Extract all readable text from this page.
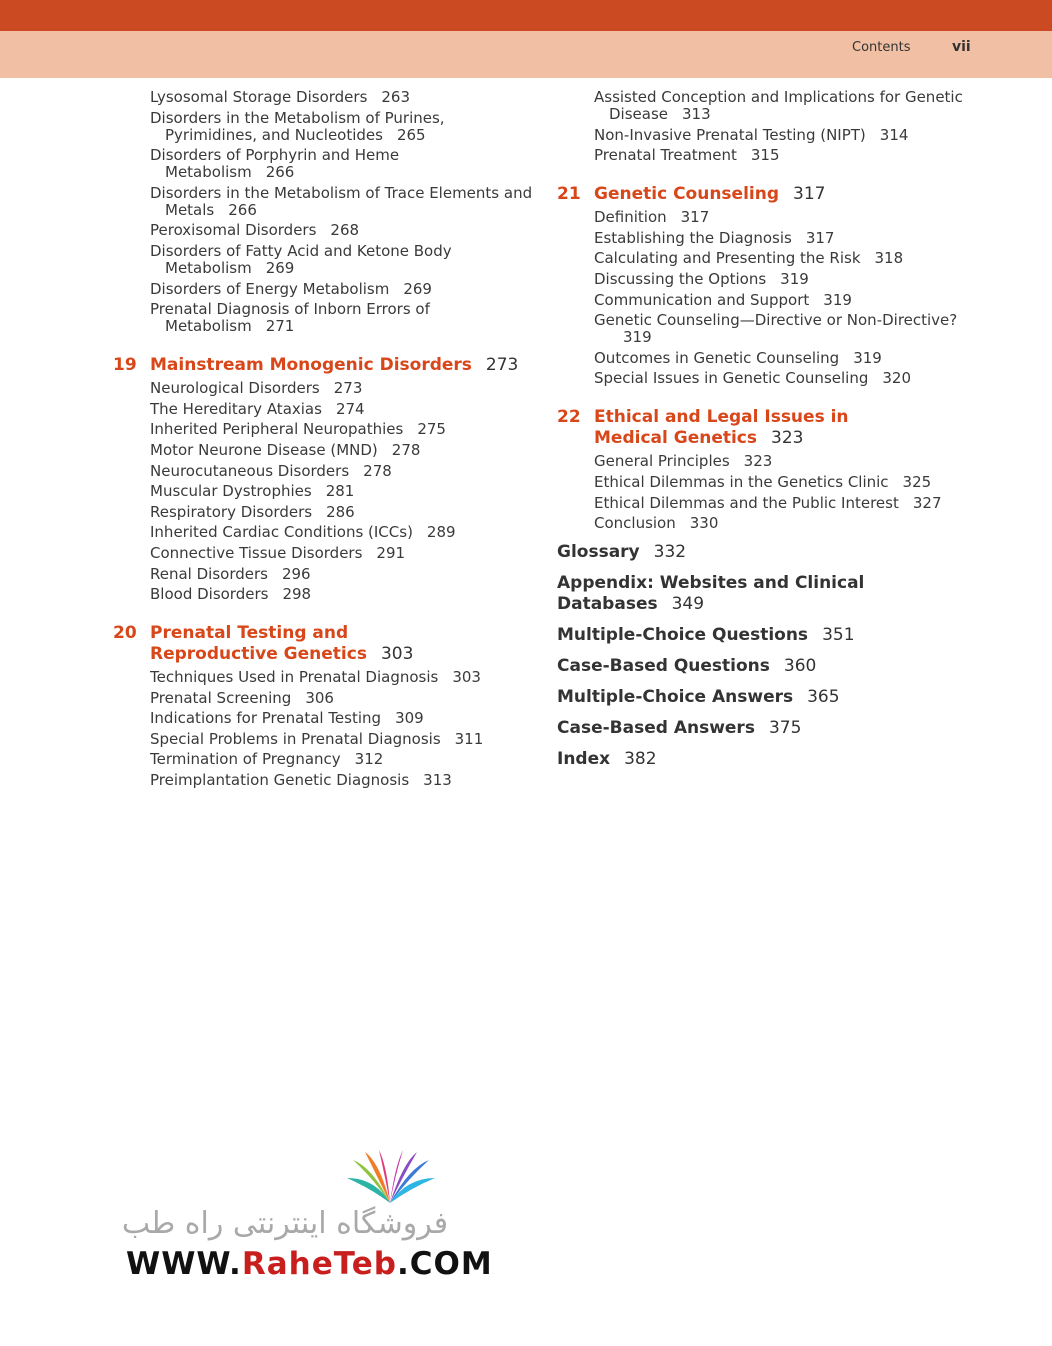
Contents	vii
Lysosomal Storage Disorders 263
Disorders in the Metabolism of Purines, Pyrimidines, and Nucleotides 265
Disorders of Porphyrin and Heme Metabolism 266
Disorders in the Metabolism of Trace Elements and Metals 266
Peroxisomal Disorders 268
Disorders of Fatty Acid and Ketone Body Metabolism 269
Disorders of Energy Metabolism 269
Prenatal Diagnosis of Inborn Errors of Metabolism 271
19 Mainstream Monogenic Disorders 273
Neurological Disorders 273
The Hereditary Ataxias 274
Inherited Peripheral Neuropathies 275
Motor Neurone Disease (MND) 278
Neurocutaneous Disorders 278
Muscular Dystrophies 281
Respiratory Disorders 286
Inherited Cardiac Conditions (ICCs) 289
Connective Tissue Disorders 291
Renal Disorders 296
Blood Disorders 298
20 Prenatal Testing and
Reproductive Genetics 303
Techniques Used in Prenatal Diagnosis 303
Prenatal Screening 306
Indications for Prenatal Testing 309
Special Problems in Prenatal Diagnosis 311
Termination of Pregnancy 312
Preimplantation Genetic Diagnosis 313
Assisted Conception and Implications for Genetic Disease 313
Non-Invasive Prenatal Testing (NIPT) 314
Prenatal Treatment 315
21 Genetic Counseling 317
Definition 317
Establishing the Diagnosis 317
Calculating and Presenting the Risk 318
Discussing the Options 319
Communication and Support 319
Genetic Counseling—Directive or Non-Directive?319
Outcomes in Genetic Counseling 319
Special Issues in Genetic Counseling 320
22 Ethical and Legal Issues in
Medical Genetics 323
General Principles 323
Ethical Dilemmas in the Genetics Clinic 325
Ethical Dilemmas and the Public Interest 327
Conclusion 330
Glossary 332
Appendix: Websites and Clinical Databases 349
Multiple-Choice Questions 351
Case-Based Questions 360
Multiple-Choice Answers 365
Case-Based Answers 375
Index 382
فروشگاه اینترنتی راه طب
WWW.RaheTeb.COM
